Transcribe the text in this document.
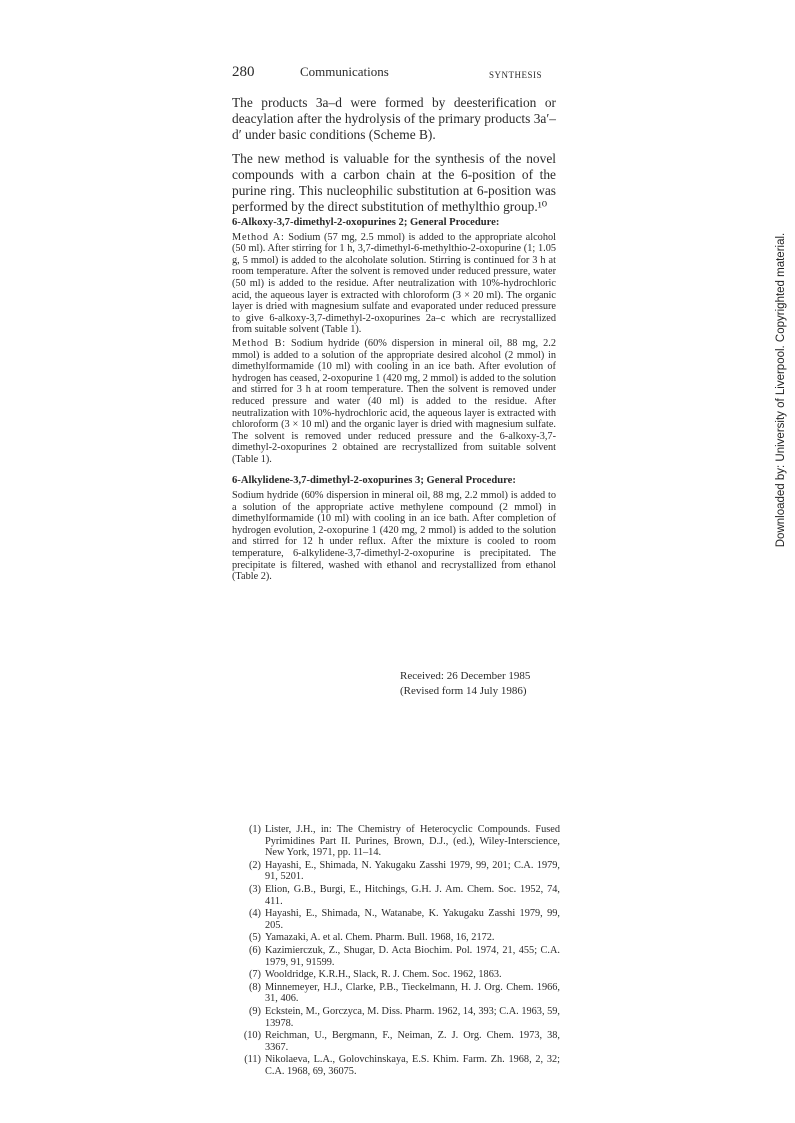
280	Communications	SYNTHESIS

The products 3a–d were formed by deesterification or deacylation after the hydrolysis of the primary products 3a′–d′ under basic conditions (Scheme B).

The new method is valuable for the synthesis of the novel compounds with a carbon chain at the 6-position of the purine ring. This nucleophilic substitution at 6-position was performed by the direct substitution of methylthio group.¹⁰

6-Alkoxy-3,7-dimethyl-2-oxopurines 2; General Procedure:

Method A: Sodium (57 mg, 2.5 mmol) is added to the appropriate alcohol (50 ml). After stirring for 1 h, 3,7-dimethyl-6-methylthio-2-oxopurine (1; 1.05 g, 5 mmol) is added to the alcoholate solution. Stirring is continued for 3 h at room temperature. After the solvent is removed under reduced pressure, water (50 ml) is added to the residue. After neutralization with 10%-hydrochloric acid, the aqueous layer is extracted with chloroform (3 × 20 ml). The organic layer is dried with magnesium sulfate and evaporated under reduced pressure to give 6-alkoxy-3,7-dimethyl-2-oxopurines 2a–c which are recrystallized from suitable solvent (Table 1).

Method B: Sodium hydride (60% dispersion in mineral oil, 88 mg, 2.2 mmol) is added to a solution of the appropriate desired alcohol (2 mmol) in dimethylformamide (10 ml) with cooling in an ice bath. After evolution of hydrogen has ceased, 2-oxopurine 1 (420 mg, 2 mmol) is added to the solution and stirred for 3 h at room temperature. Then the solvent is removed under reduced pressure and water (40 ml) is added to the residue. After neutralization with 10%-hydrochloric acid, the aqueous layer is extracted with chloroform (3 × 10 ml) and the organic layer is dried with magnesium sulfate. The solvent is removed under reduced pressure and the 6-alkoxy-3,7-dimethyl-2-oxopurines 2 obtained are recrystallized from suitable solvent (Table 1).

6-Alkylidene-3,7-dimethyl-2-oxopurines 3; General Procedure:

Sodium hydride (60% dispersion in mineral oil, 88 mg, 2.2 mmol) is added to a solution of the appropriate active methylene compound (2 mmol) in dimethylformamide (10 ml) with cooling in an ice bath. After completion of hydrogen evolution, 2-oxopurine 1 (420 mg, 2 mmol) is added to the solution and stirred for 12 h under reflux. After the mixture is cooled to room temperature, 6-alkylidene-3,7-dimethyl-2-oxopurine is precipitated. The precipitate is filtered, washed with ethanol and recrystallized from ethanol (Table 2).

Received: 26 December 1985
(Revised form 14 July 1986)
(1) Lister, J.H., in: The Chemistry of Heterocyclic Compounds. Fused Pyrimidines Part II. Purines, Brown, D.J., (ed.), Wiley-Interscience, New York, 1971, pp. 11–14.
(2) Hayashi, E., Shimada, N. Yakugaku Zasshi 1979, 99, 201; C.A. 1979, 91, 5201.
(3) Elion, G.B., Burgi, E., Hitchings, G.H. J. Am. Chem. Soc. 1952, 74, 411.
(4) Hayashi, E., Shimada, N., Watanabe, K. Yakugaku Zasshi 1979, 99, 205.
(5) Yamazaki, A. et al. Chem. Pharm. Bull. 1968, 16, 2172.
(6) Kazimierczuk, Z., Shugar, D. Acta Biochim. Pol. 1974, 21, 455; C.A. 1979, 91, 91599.
(7) Wooldridge, K.R.H., Slack, R. J. Chem. Soc. 1962, 1863.
(8) Minnemeyer, H.J., Clarke, P.B., Tieckelmann, H. J. Org. Chem. 1966, 31, 406.
(9) Eckstein, M., Gorczyca, M. Diss. Pharm. 1962, 14, 393; C.A. 1963, 59, 13978.
(10) Reichman, U., Bergmann, F., Neiman, Z. J. Org. Chem. 1973, 38, 3367.
(11) Nikolaeva, L.A., Golovchinskaya, E.S. Khim. Farm. Zh. 1968, 2, 32; C.A. 1968, 69, 36075.
Downloaded by: University of Liverpool. Copyrighted material.
